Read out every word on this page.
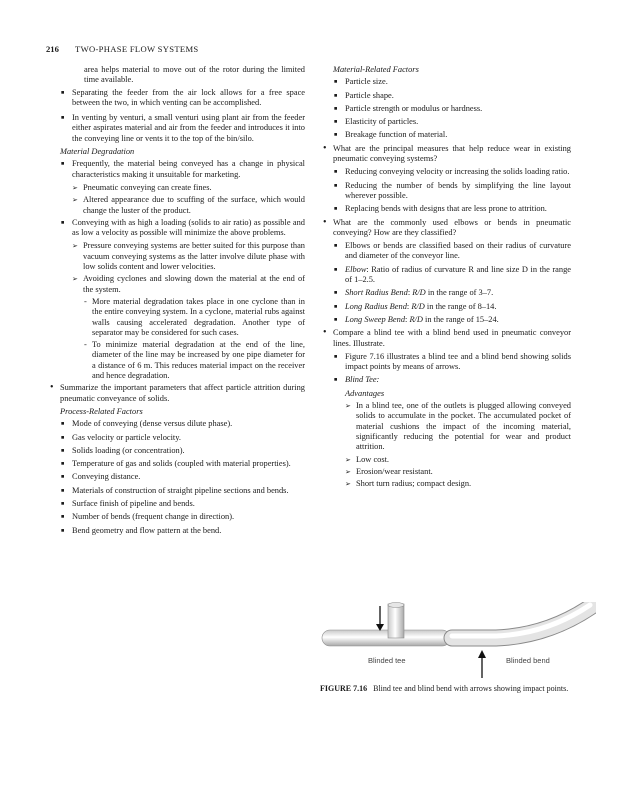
216 TWO-PHASE FLOW SYSTEMS
area helps material to move out of the rotor during the limited time available.
■ Separating the feeder from the air lock allows for a free space between the two, in which venting can be accomplished.
■ In venting by venturi, a small venturi using plant air from the feeder either aspirates material and air from the feeder and introduces it into the conveying line or vents it to the top of the bin/silo.
Material Degradation
■ Frequently, the material being conveyed has a change in physical characteristics making it unsuitable for marketing.
➢ Pneumatic conveying can create fines.
➢ Altered appearance due to scuffing of the surface, which would change the luster of the product.
■ Conveying with as high a loading (solids to air ratio) as possible and as low a velocity as possible will minimize the above problems.
➢ Pressure conveying systems are better suited for this purpose than vacuum conveying systems as the latter involve dilute phase with low solids content and lower velocities.
➢ Avoiding cyclones and slowing down the material at the end of the system.
- More material degradation takes place in one cyclone than in the entire conveying system. In a cyclone, material rubs against walls causing accelerated degradation. Another type of separator may be considered for such cases.
- To minimize material degradation at the end of the line, diameter of the line may be increased by one pipe diameter for a distance of 6 m. This reduces material impact on the receiver and hence degradation.
• Summarize the important parameters that affect particle attrition during pneumatic conveyance of solids.
Process-Related Factors
■ Mode of conveying (dense versus dilute phase).
■ Gas velocity or particle velocity.
■ Solids loading (or concentration).
■ Temperature of gas and solids (coupled with material properties).
■ Conveying distance.
■ Materials of construction of straight pipeline sections and bends.
■ Surface finish of pipeline and bends.
■ Number of bends (frequent change in direction).
■ Bend geometry and flow pattern at the bend.
Material-Related Factors
■ Particle size.
■ Particle shape.
■ Particle strength or modulus or hardness.
■ Elasticity of particles.
■ Breakage function of material.
• What are the principal measures that help reduce wear in existing pneumatic conveying systems?
■ Reducing conveying velocity or increasing the solids loading ratio.
■ Reducing the number of bends by simplifying the line layout wherever possible.
■ Replacing bends with designs that are less prone to attrition.
• What are the commonly used elbows or bends in pneumatic conveying? How are they classified?
■ Elbows or bends are classified based on their radius of curvature and diameter of the conveyor line.
■ Elbow: Ratio of radius of curvature R and line size D in the range of 1–2.5.
■ Short Radius Bend: R/D in the range of 3–7.
■ Long Radius Bend: R/D in the range of 8–14.
■ Long Sweep Bend: R/D in the range of 15–24.
• Compare a blind tee with a blind bend used in pneumatic conveyor lines. Illustrate.
■ Figure 7.16 illustrates a blind tee and a blind bend showing solids impact points by means of arrows.
■ Blind Tee:
Advantages
➢ In a blind tee, one of the outlets is plugged allowing conveyed solids to accumulate in the pocket. The accumulated pocket of material cushions the impact of the incoming material, significantly reducing the potential for wear and product attrition.
➢ Low cost.
➢ Erosion/wear resistant.
➢ Short turn radius; compact design.
Blinded tee	Blinded bend
FIGURE 7.16 Blind tee and blind bend with arrows showing impact points.
